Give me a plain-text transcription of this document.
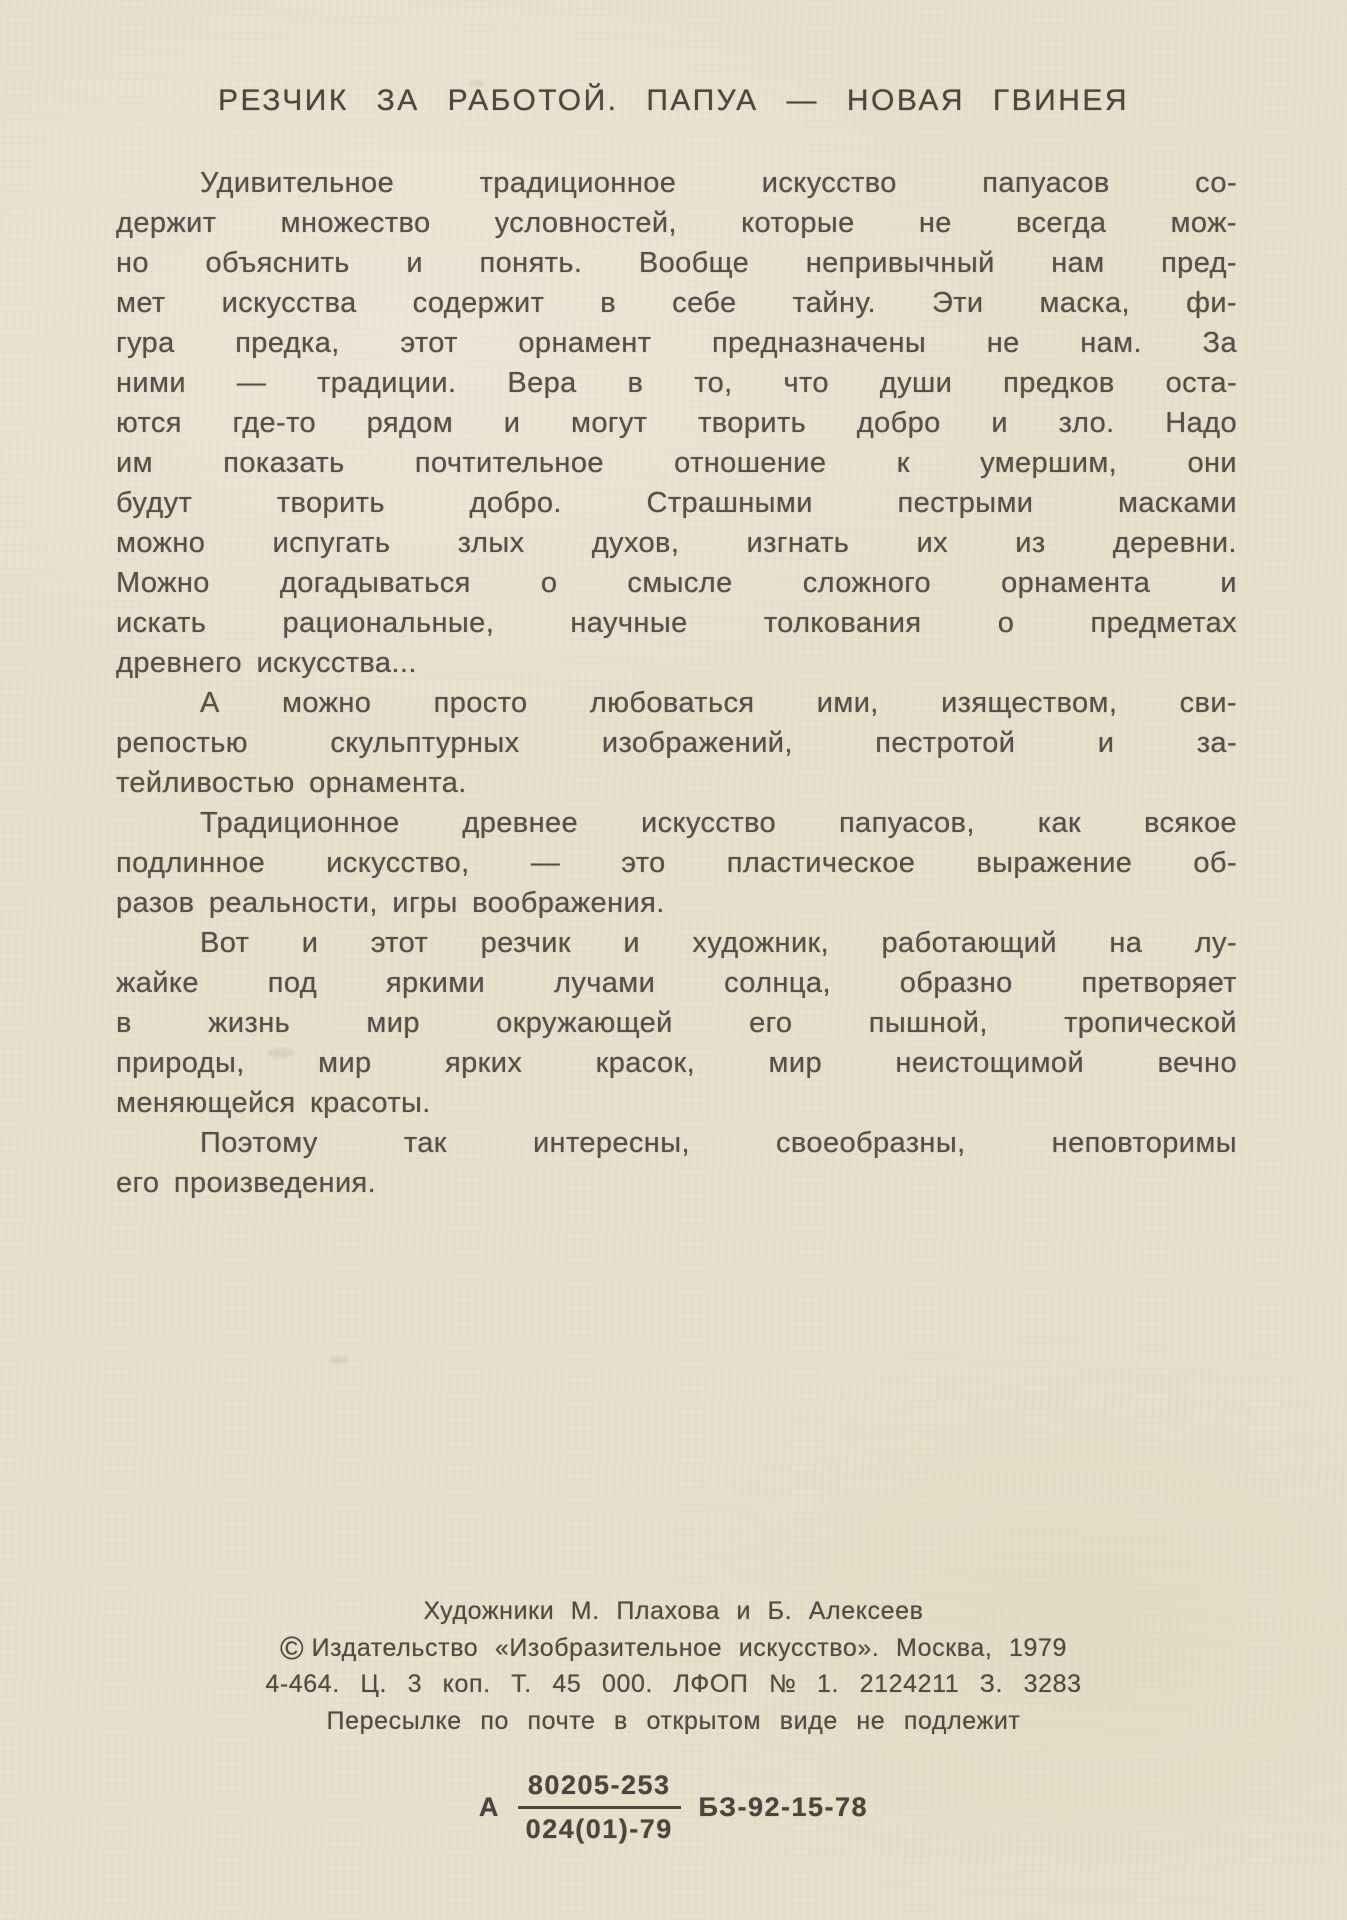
РЕЗЧИК ЗА РАБОТОЙ. ПАПУА — НОВАЯ ГВИНЕЯ
Удивительное традиционное искусство папуасов со-
держит множество условностей, которые не всегда мож-
но объяснить и понять. Вообще непривычный нам пред-
мет искусства содержит в себе тайну. Эти маска, фи-
гура предка, этот орнамент предназначены не нам. За
ними — традиции. Вера в то, что души предков оста-
ются где-то рядом и могут творить добро и зло. Надо
им показать почтительное отношение к умершим, они
будут творить добро. Страшными пестрыми масками
можно испугать злых духов, изгнать их из деревни.
Можно догадываться о смысле сложного орнамента и
искать рациональные, научные толкования о предметах
древнего искусства...
А можно просто любоваться ими, изяществом, сви-
репостью скульптурных изображений, пестротой и за-
тейливостью орнамента.
Традиционное древнее искусство папуасов, как всякое
подлинное искусство, — это пластическое выражение об-
разов реальности, игры воображения.
Вот и этот резчик и художник, работающий на лу-
жайке под яркими лучами солнца, образно претворяет
в жизнь мир окружающей его пышной, тропической
природы, мир ярких красок, мир неистощимой вечно
меняющейся красоты.
Поэтому так интересны, своеобразны, неповторимы
его произведения.
Художники М. Плахова и Б. Алексеев
© Издательство «Изобразительное искусство». Москва, 1979
4-464. Ц. 3 коп. Т. 45 000. ЛФОП № 1. 2124211 З. 3283
Пересылке по почте в открытом виде не подлежит
А $\frac{80205-253}{024(01)-79} БЗ-92-15-78$
